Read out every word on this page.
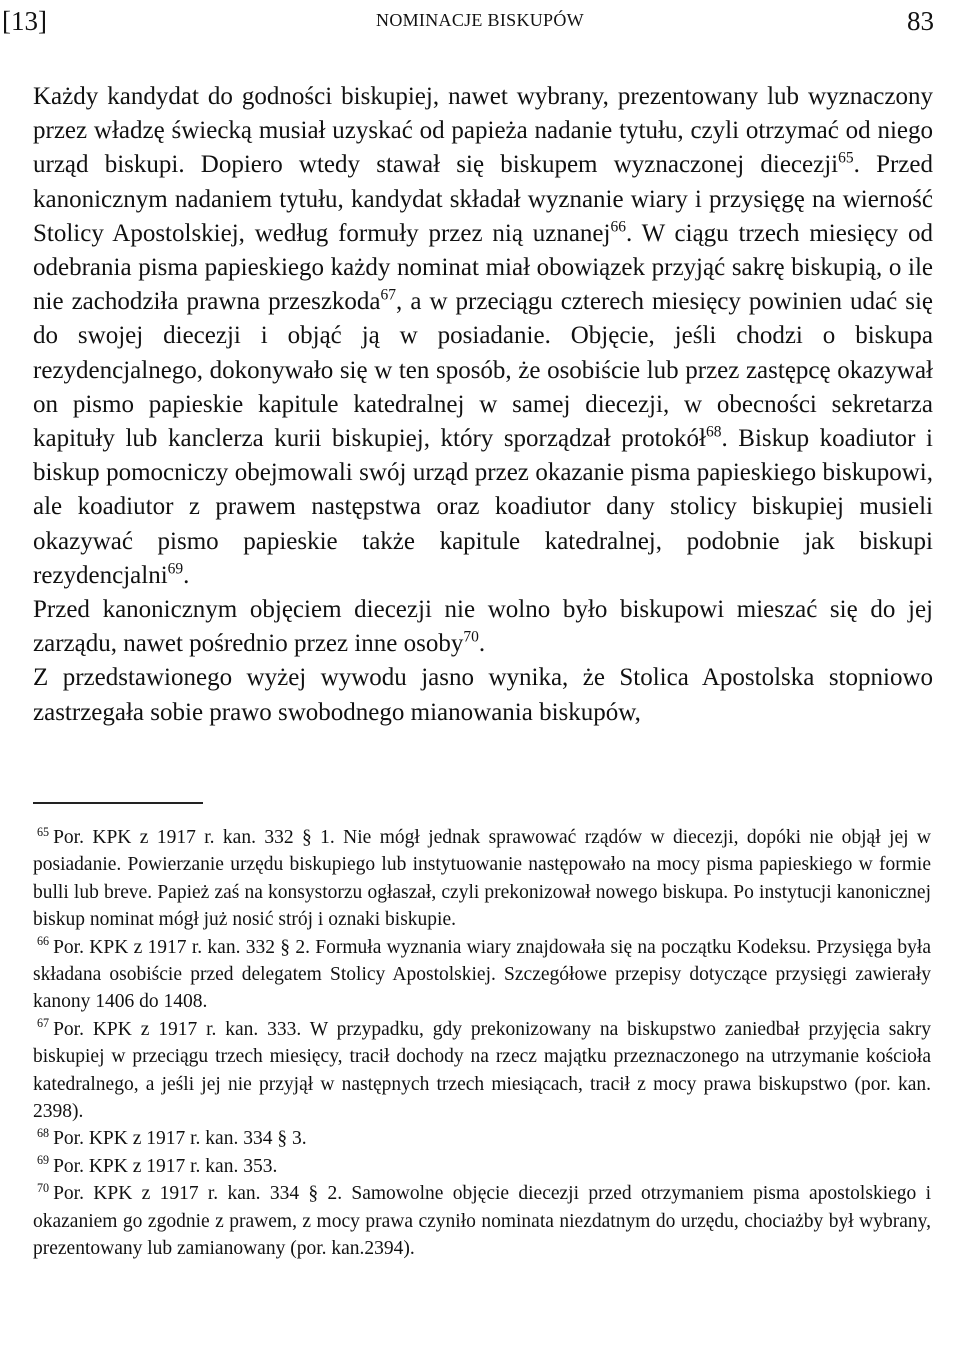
[13]	NOMINACJE BISKUPÓW	83

Każdy kandydat do godności biskupiej, nawet wybrany, prezentowany lub wyznaczony przez władzę świecką musiał uzyskać od papieża nadanie tytułu, czyli otrzymać od niego urząd biskupi. Dopiero wtedy stawał się biskupem wyznaczonej diecezji$^{65}$. Przed kanonicznym nadaniem tytułu, kandydat składał wyznanie wiary i przysięgę na wierność Stolicy Apostolskiej, według formuły przez nią uznanej$^{66}$. W ciągu trzech miesięcy od odebrania pisma papieskiego każdy nominat miał obowiązek przyjąć sakrę biskupią, o ile nie zachodziła prawna przeszkoda$^{67}$, a w przeciągu czterech miesięcy powinien udać się do swojej diecezji i objąć ją w posiadanie. Objęcie, jeśli chodzi o biskupa rezydencjalnego, dokonywało się w ten sposób, że osobiście lub przez zastępcę okazywał on pismo papieskie kapitule katedralnej w samej diecezji, w obecności sekretarza kapituły lub kanclerza kurii biskupiej, który sporządzał protokół$^{68}$. Biskup koadiutor i biskup pomocniczy obejmowali swój urząd przez okazanie pisma papieskiego biskupowi, ale koadiutor z prawem następstwa oraz koadiutor dany stolicy biskupiej musieli okazywać pismo papieskie także kapitule katedralnej, podobnie jak biskupi rezydencjalni$^{69}$.

Przed kanonicznym objęciem diecezji nie wolno było biskupowi mieszać się do jej zarządu, nawet pośrednio przez inne osoby$^{70}$.

Z przedstawionego wyżej wywodu jasno wynika, że Stolica Apostolska stopniowo zastrzegała sobie prawo swobodnego mianowania biskupów,

$^{65}$ Por. KPK z 1917 r. kan. 332 § 1. Nie mógł jednak sprawować rządów w diecezji, dopóki nie objął jej w posiadanie. Powierzanie urzędu biskupiego lub instytuowanie następowało na mocy pisma papieskiego w formie bulli lub breve. Papież zaś na konsystorzu ogłaszał, czyli prekonizował nowego biskupa. Po instytucji kanonicznej biskup nominat mógł już nosić strój i oznaki biskupie.

$^{66}$ Por. KPK z 1917 r. kan. 332 § 2. Formuła wyznania wiary znajdowała się na początku Kodeksu. Przysięga była składana osobiście przed delegatem Stolicy Apostolskiej. Szczegółowe przepisy dotyczące przysięgi zawierały kanony 1406 do 1408.

$^{67}$ Por. KPK z 1917 r. kan. 333. W przypadku, gdy prekonizowany na biskupstwo zaniedbał przyjęcia sakry biskupiej w przeciągu trzech miesięcy, tracił dochody na rzecz majątku przeznaczonego na utrzymanie kościoła katedralnego, a jeśli jej nie przyjął w następnych trzech miesiącach, tracił z mocy prawa biskupstwo (por. kan. 2398).

$^{68}$ Por. KPK z 1917 r. kan. 334 § 3.

$^{69}$ Por. KPK z 1917 r. kan. 353.

$^{70}$ Por. KPK z 1917 r. kan. 334 § 2. Samowolne objęcie diecezji przed otrzymaniem pisma apostolskiego i okazaniem go zgodnie z prawem, z mocy prawa czyniło nominata niezdatnym do urzędu, chociażby był wybrany, prezentowany lub zamianowany (por. kan.2394).
